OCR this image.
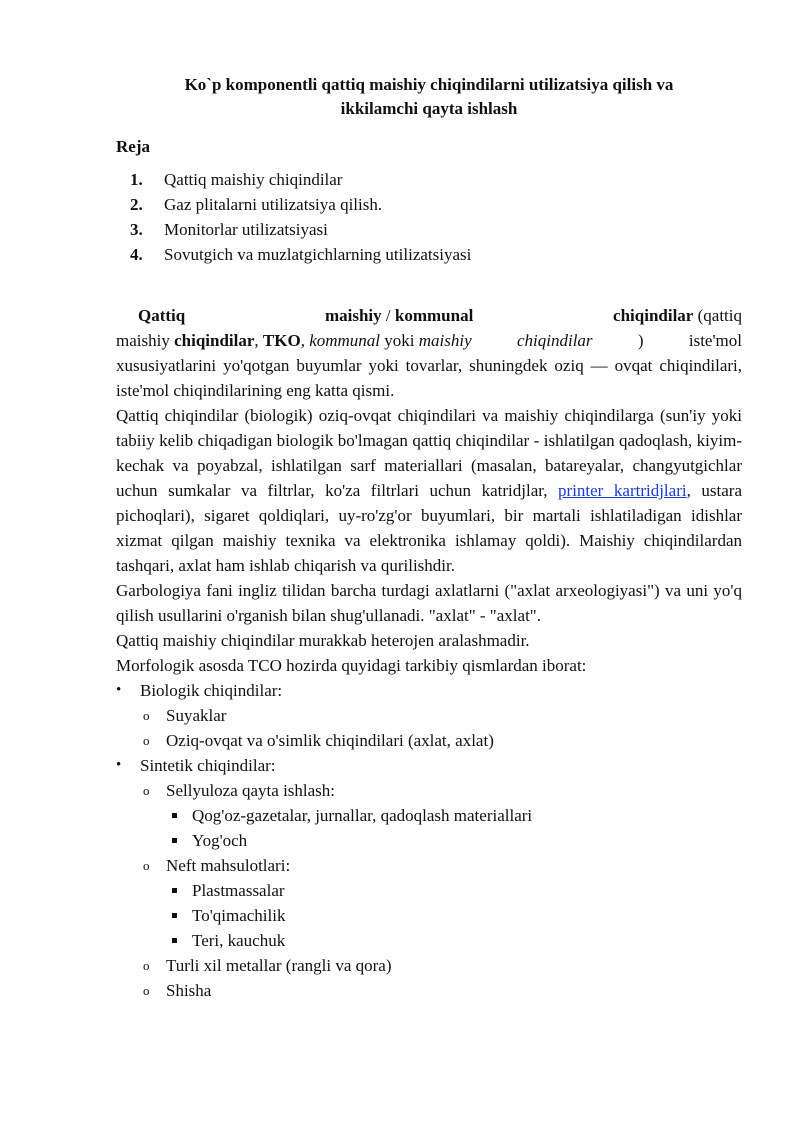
Ko`p komponentli qattiq maishiy chiqindilarni utilizatsiya qilish va
ikkilamchi qayta ishlash
Reja
1. Qattiq maishiy chiqindilar
2. Gaz plitalarni utilizatsiya qilish.
3. Monitorlar utilizatsiyasi
4. Sovutgich va muzlatgichlarning utilizatsiyasi
Qattiq	maishiy / kommunal	chiqindilar (qattiq
maishiy chiqindilar, TKO, kommunal yoki maishiy	chiqindilar	)	iste'mol

xususiyatlarini yo'qotgan buyumlar yoki tovarlar, shuningdek oziq — ovqat chiqindilari, iste'mol chiqindilarining eng katta qismi.

Qattiq chiqindilar (biologik) oziq-ovqat chiqindilari va maishiy chiqindilarga (sun'iy yoki tabiiy kelib chiqadigan biologik bo'lmagan qattiq chiqindilar - ishlatilgan qadoqlash, kiyim-kechak va poyabzal, ishlatilgan sarf materiallari (masalan, batareyalar, changyutgichlar uchun sumkalar va filtrlar, ko'za filtrlari uchun katridjlar, printer kartridjlari, ustara pichoqlari), sigaret qoldiqlari, uy-ro'zg'or buyumlari, bir martali ishlatiladigan idishlar xizmat qilgan maishiy texnika va elektronika ishlamay qoldi). Maishiy chiqindilardan tashqari, axlat ham ishlab chiqarish va qurilishdir.

Garbologiya fani ingliz tilidan barcha turdagi axlatlarni ("axlat arxeologiyasi") va uni yo'q qilish usullarini o'rganish bilan shug'ullanadi. "axlat" - "axlat".

Qattiq maishiy chiqindilar murakkab heterojen aralashmadir.

Morfologik asosda TCO hozirda quyidagi tarkibiy qismlardan iborat:

• Biologik chiqindilar:
o Suyaklar
o Oziq-ovqat va o'simlik chiqindilari (axlat, axlat)
• Sintetik chiqindilar:
o Sellyuloza qayta ishlash:
Qog'oz-gazetalar, jurnallar, qadoqlash materiallari
Yog'och
o Neft mahsulotlari:
Plastmassalar
To'qimachilik
Teri, kauchuk
o Turli xil metallar (rangli va qora)
o Shisha
